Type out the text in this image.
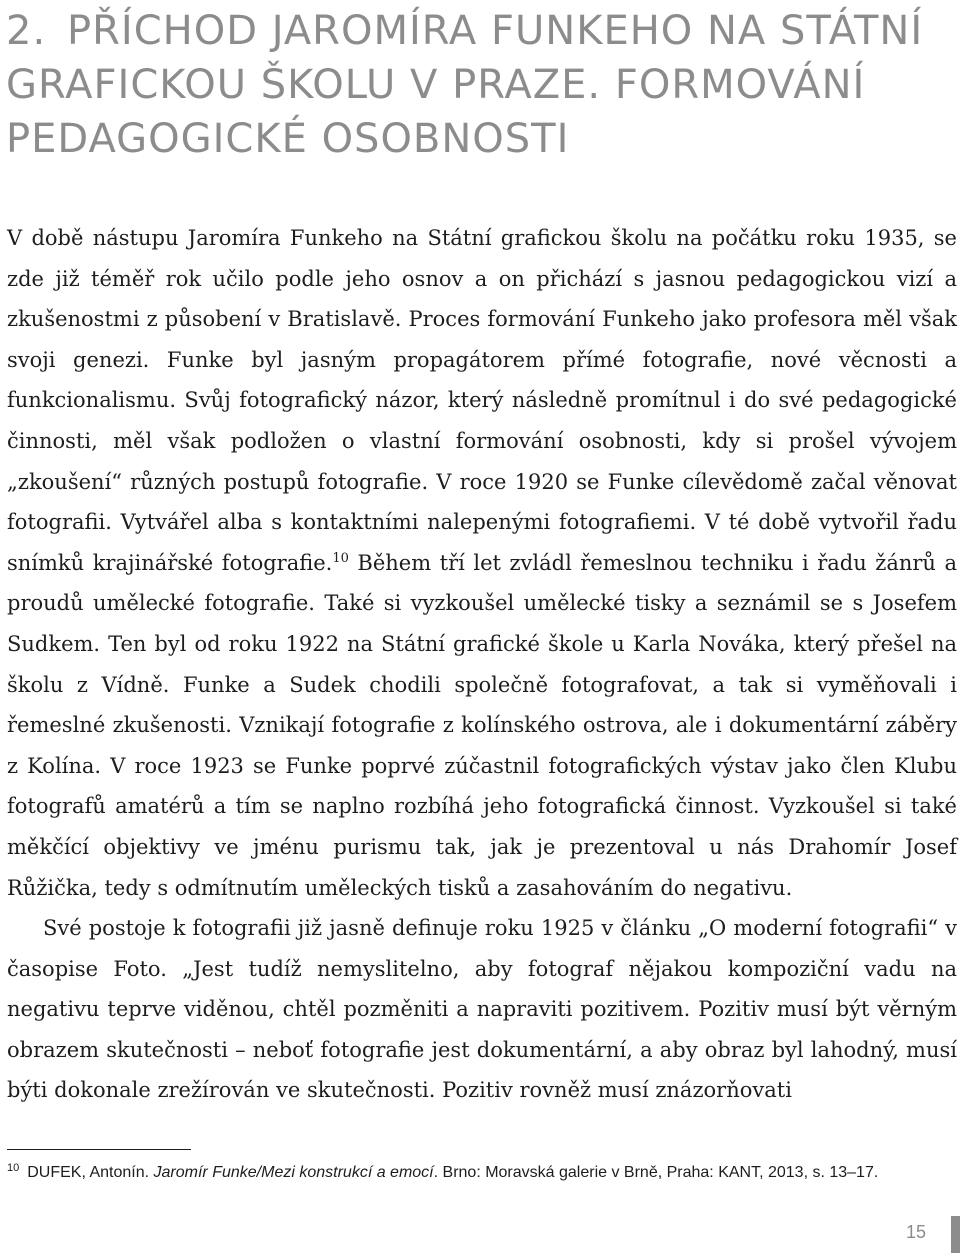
2. PŘÍCHOD JAROMÍRA FUNKEHO NA STÁTNÍ GRAFICKOU ŠKOLU V PRAZE. FORMOVÁNÍ PEDAGOGICKÉ OSOBNOSTI

V době nástupu Jaromíra Funkeho na Státní grafickou školu na počátku roku 1935, se zde již téměř rok učilo podle jeho osnov a on přichází s jasnou pedagogickou vizí a zkušenostmi z působení v Bratislavě. Proces formování Funkeho jako profesora měl však svoji genezi. Funke byl jasným propagátorem přímé fotografie, nové věcnosti a funkcionalismu. Svůj fotografický názor, který následně promítnul i do své pedagogické činnosti, měl však podložen o vlastní formování osobnosti, kdy si prošel vývojem „zkoušení“ různých postupů fotografie. V roce 1920 se Funke cílevědomě začal věnovat fotografii. Vytvářel alba s kontaktními nalepenými fotografiemi. V té době vytvořil řadu snímků krajinářské fotografie.$^{10}$ Během tří let zvládl řemeslnou techniku i řadu žánrů a proudů umělecké fotografie. Také si vyzkoušel umělecké tisky a seznámil se s Josefem Sudkem. Ten byl od roku 1922 na Státní grafické škole u Karla Nováka, který přešel na školu z Vídně. Funke a Sudek chodili společně fotografovat, a tak si vyměňovali i řemeslné zkušenosti. Vznikají fotografie z kolínského ostrova, ale i dokumentární záběry z Kolína. V roce 1923 se Funke poprvé zúčastnil fotografických výstav jako člen Klubu fotografů amatérů a tím se naplno rozbíhá jeho fotografická činnost. Vyzkoušel si také měkčící objektivy ve jménu purismu tak, jak je prezentoval u nás Drahomír Josef Růžička, tedy s odmítnutím uměleckých tisků a zasahováním do negativu.

Své postoje k fotografii již jasně definuje roku 1925 v článku „O moderní fotografii“ v časopise Foto. „Jest tudíž nemyslitelno, aby fotograf nějakou kompoziční vadu na negativu teprve viděnou, chtěl pozměniti a napraviti pozitivem. Pozitiv musí být věrným obrazem skutečnosti – neboť fotografie jest dokumentární, a aby obraz byl lahodný, musí býti dokonale zrežírován ve skutečnosti. Pozitiv rovněž musí znázorňovati

$^{10}$ DUFEK, Antonín. Jaromír Funke/Mezi konstrukcí a emocí. Brno: Moravská galerie v Brně, Praha: KANT, 2013, s. 13–17.

15
